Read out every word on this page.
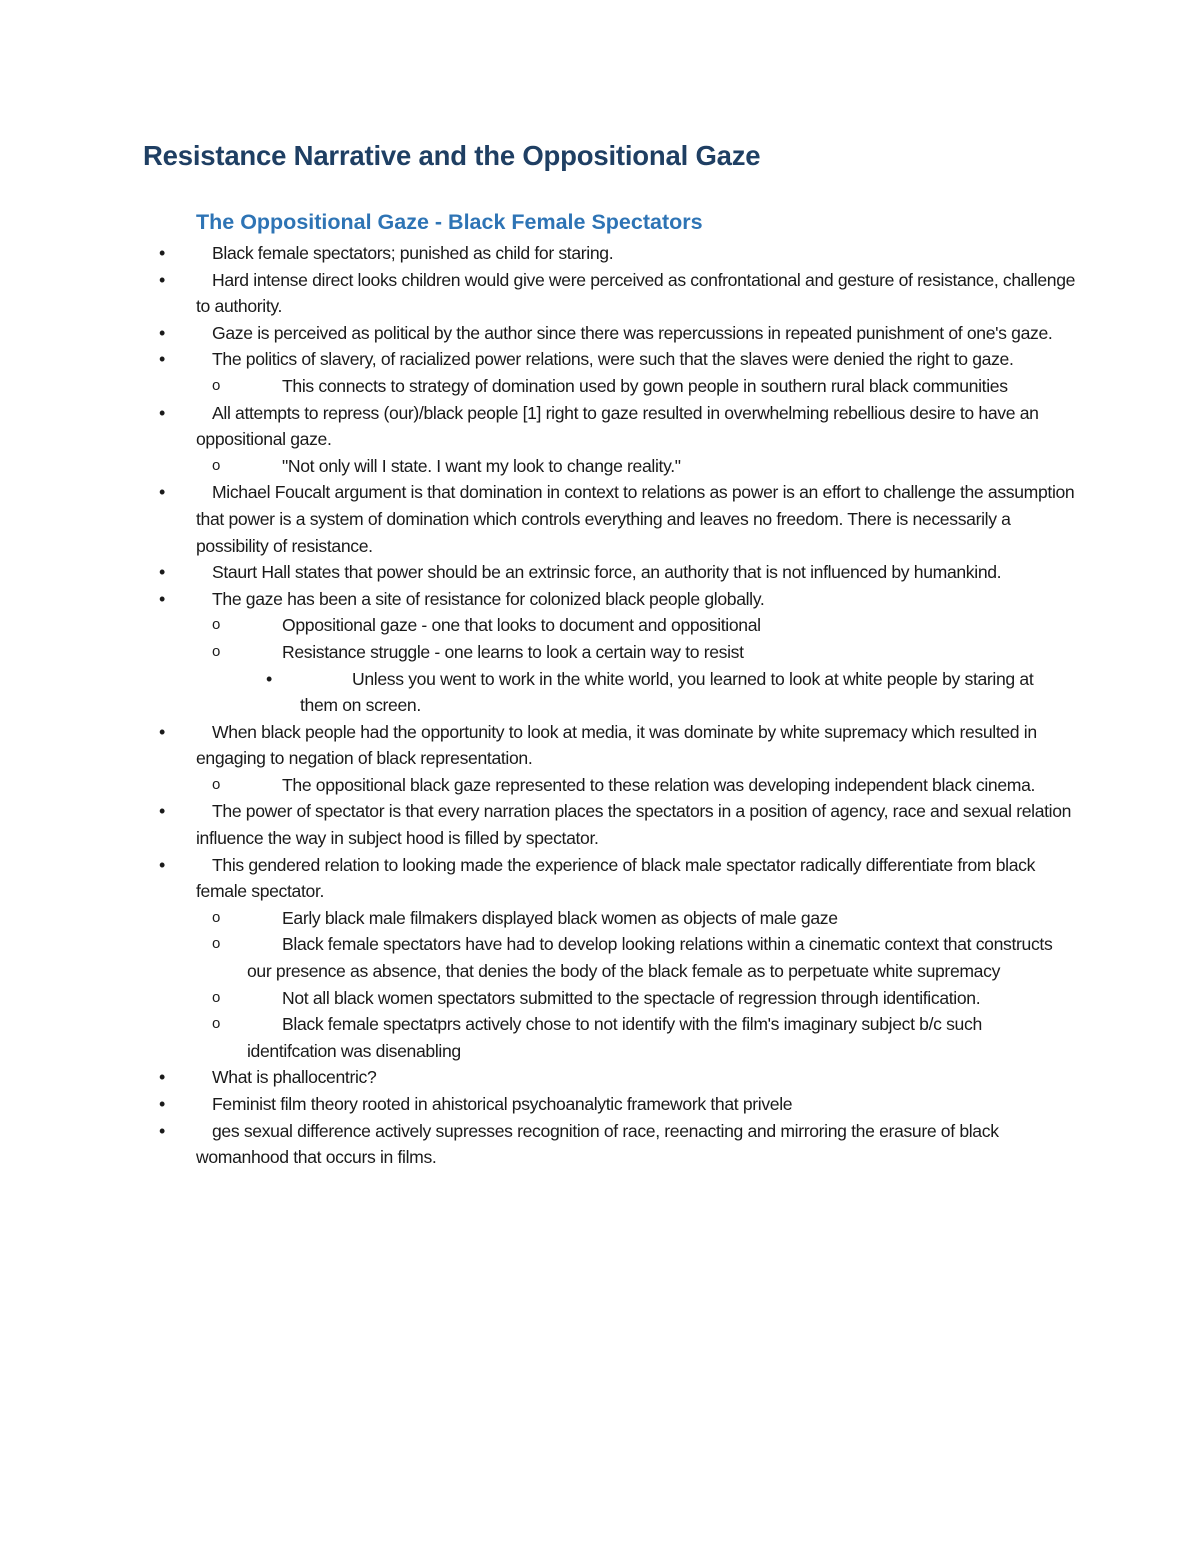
Resistance Narrative and the Oppositional Gaze
The Oppositional Gaze - Black Female Spectators
•	Black female spectators; punished as child for staring.
•	Hard intense direct looks children would give were perceived as confrontational and gesture of resistance, challenge to authority.
•	Gaze is perceived as political by the author since there was repercussions in repeated punishment of one's gaze.
•	The politics of slavery, of racialized power relations, were such that the slaves were denied the right to gaze.
o	This connects to strategy of domination used by gown people in southern rural black communities
•	All attempts to repress (our)/black people [1] right to gaze resulted in overwhelming rebellious desire to have an oppositional gaze.
o	"Not only will I state. I want my look to change reality."
•	Michael Foucalt argument is that domination in context to relations as power is an effort to challenge the assumption that power is a system of domination which controls everything and leaves no freedom. There is necessarily a possibility of resistance.
•	Staurt Hall states that power should be an extrinsic force, an authority that is not influenced by humankind.
•	The gaze has been a site of resistance for colonized black people globally.
o	Oppositional gaze - one that looks to document and oppositional
o	Resistance struggle - one learns to look a certain way to resist
•	Unless you went to work in the white world, you learned to look at white people by staring at them on screen.
•	When black people had the opportunity to look at media, it was dominate by white supremacy which resulted in engaging to negation of black representation.
o	The oppositional black gaze represented to these relation was developing independent black cinema.
•	The power of spectator is that every narration places the spectators in a position of agency, race and sexual relation influence the way in subject hood is filled by spectator.
•	This gendered relation to looking made the experience of black male spectator radically differentiate from black female spectator.
o	Early black male filmakers displayed black women as objects of male gaze
o	Black female spectators have had to develop looking relations within a cinematic context that constructs our presence as absence, that denies the body of the black female as to perpetuate white supremacy
o	Not all black women spectators submitted to the spectacle of regression through identification.
o	Black female spectatprs actively chose to not identify with the film's imaginary subject b/c such identifcation was disenabling
•	What is phallocentric?
•	Feminist film theory rooted in ahistorical psychoanalytic framework that privele
•	ges sexual difference actively supresses recognition of race, reenacting and mirroring the erasure of black womanhood that occurs in films.
